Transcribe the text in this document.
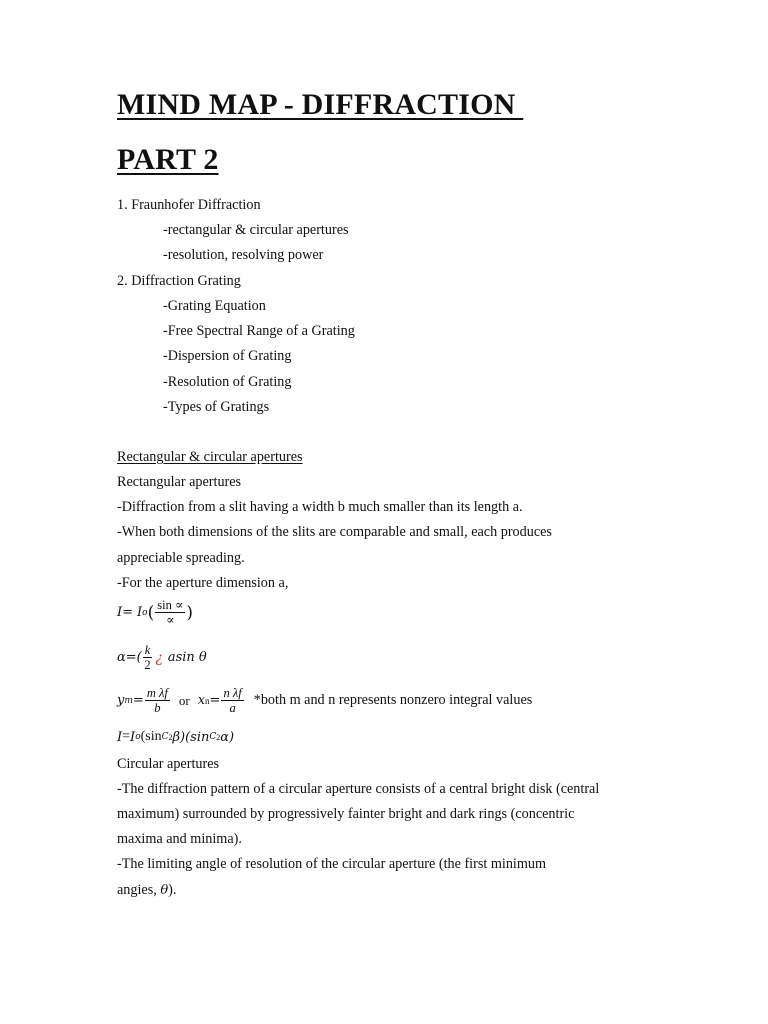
MIND MAP - DIFFRACTION
PART 2
1. Fraunhofer Diffraction
-rectangular & circular apertures
-resolution, resolving power
2. Diffraction Grating
-Grating Equation
-Free Spectral Range of a Grating
-Dispersion of Grating
-Resolution of Grating
-Types of Gratings
Rectangular & circular apertures
Rectangular apertures
-Diffraction from a slit having a width b much smaller than its length a.
-When both dimensions of the slits are comparable and small, each produces
appreciable spreading.
-For the aperture dimension a,
I= I o ( $\frac{\sin \propto}{\propto}$ )
$\alpha=( \frac{k}{2}$ ¿ asin θ
y $m = \frac{\text{m λf}}{b}$ or x $n = \frac{\text{n λf}}{a}$ *both m and n represents nonzero integral values
I = I o (sin C 2 β)(sin C 2 α)
Circular apertures
-The diffraction pattern of a circular aperture consists of a central bright disk (central
maximum) surrounded by progressively fainter bright and dark rings (concentric
maxima and minima).
-The limiting angle of resolution of the circular aperture (the first minimum
angies, θ).
